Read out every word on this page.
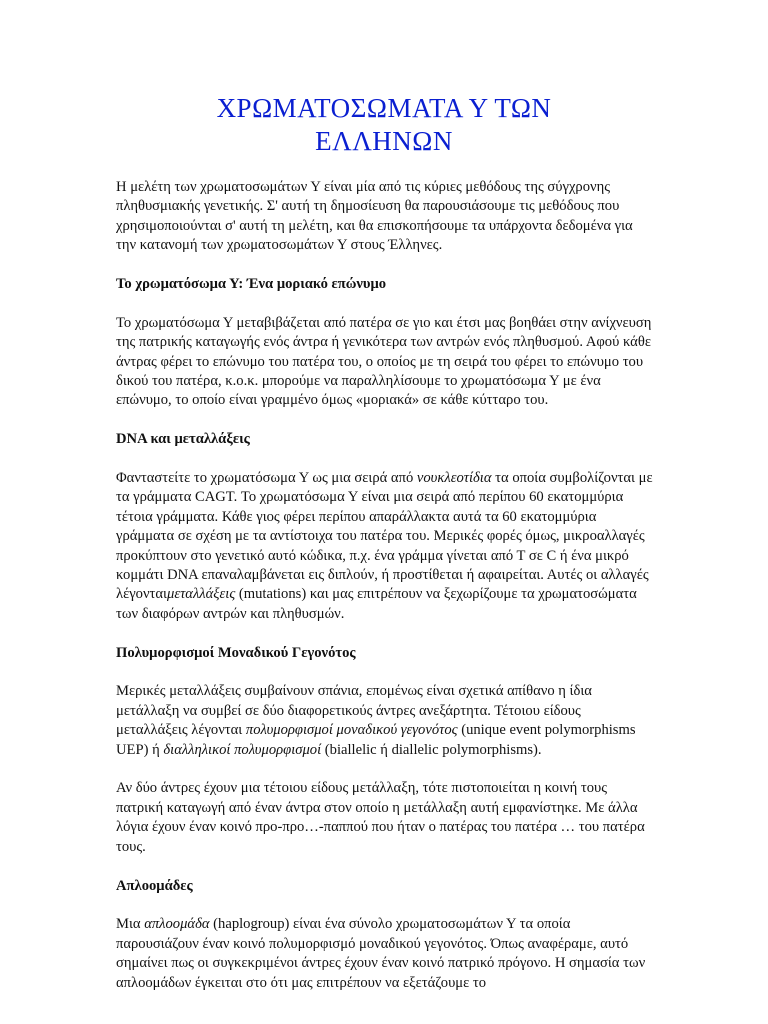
ΧΡΩΜΑΤΟΣΩΜΑΤΑ Υ ΤΩΝ
ΕΛΛΗΝΩΝ

Η μελέτη των χρωματοσωμάτων Υ είναι μία από τις κύριες μεθόδους της σύγχρονης πληθυσμιακής γενετικής. Σ' αυτή τη δημοσίευση θα παρουσιάσουμε τις μεθόδους που χρησιμοποιούνται σ' αυτή τη μελέτη, και θα επισκοπήσουμε τα υπάρχοντα δεδομένα για την κατανομή των χρωματοσωμάτων Υ στους Έλληνες.

Το χρωματόσωμα Υ: Ένα μοριακό επώνυμο

Το χρωματόσωμα Υ μεταβιβάζεται από πατέρα σε γιο και έτσι μας βοηθάει στην ανίχνευση της πατρικής καταγωγής ενός άντρα ή γενικότερα των αντρών ενός πληθυσμού. Αφού κάθε άντρας φέρει το επώνυμο του πατέρα του, ο οποίος με τη σειρά του φέρει το επώνυμο του δικού του πατέρα, κ.ο.κ. μπορούμε να παραλληλίσουμε το χρωματόσωμα Υ με ένα επώνυμο, το οποίο είναι γραμμένο όμως «μοριακά» σε κάθε κύτταρο του.

DNA και μεταλλάξεις

Φανταστείτε το χρωματόσωμα Υ ως μια σειρά από νουκλεοτίδια τα οποία συμβολίζονται με τα γράμματα CAGT. Το χρωματόσωμα Υ είναι μια σειρά από περίπου 60 εκατομμύρια τέτοια γράμματα. Κάθε γιος φέρει περίπου απαράλλακτα αυτά τα 60 εκατομμύρια γράμματα σε σχέση με τα αντίστοιχα του πατέρα του. Μερικές φορές όμως, μικροαλλαγές προκύπτουν στο γενετικό αυτό κώδικα, π.χ. ένα γράμμα γίνεται από Τ σε C ή ένα μικρό κομμάτι DNA επαναλαμβάνεται εις διπλούν, ή προστίθεται ή αφαιρείται. Αυτές οι αλλαγές λέγονταιμεταλλάξεις (mutations) και μας επιτρέπουν να ξεχωρίζουμε τα χρωματοσώματα των διαφόρων αντρών και πληθυσμών.

Πολυμορφισμοί Μοναδικού Γεγονότος

Μερικές μεταλλάξεις συμβαίνουν σπάνια, επομένως είναι σχετικά απίθανο η ίδια μετάλλαξη να συμβεί σε δύο διαφορετικούς άντρες ανεξάρτητα. Τέτοιου είδους μεταλλάξεις λέγονται πολυμορφισμοί μοναδικού γεγονότος (unique event polymorphisms UEP) ή διαλληλικοί πολυμορφισμοί (biallelic ή diallelic polymorphisms).

Αν δύο άντρες έχουν μια τέτοιου είδους μετάλλαξη, τότε πιστοποιείται η κοινή τους πατρική καταγωγή από έναν άντρα στον οποίο η μετάλλαξη αυτή εμφανίστηκε. Με άλλα λόγια έχουν έναν κοινό προ-προ…-παππού που ήταν ο πατέρας του πατέρα … του πατέρα τους.

Απλοομάδες

Μια απλοομάδα (haplogroup) είναι ένα σύνολο χρωματοσωμάτων Υ τα οποία παρουσιάζουν έναν κοινό πολυμορφισμό μοναδικού γεγονότος. Όπως αναφέραμε, αυτό σημαίνει πως οι συγκεκριμένοι άντρες έχουν έναν κοινό πατρικό πρόγονο. Η σημασία των απλοομάδων έγκειται στο ότι μας επιτρέπουν να εξετάζουμε το
